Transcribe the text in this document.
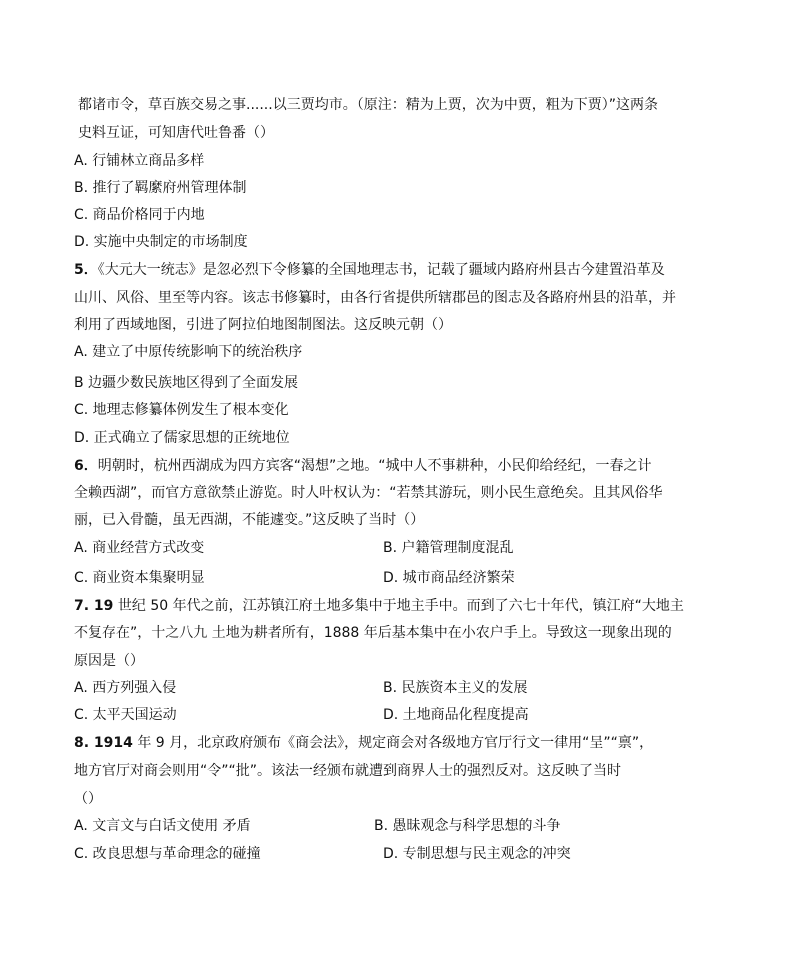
都诸市令，草百族交易之事......以三贾均市。（原注：精为上贾，次为中贾，粗为下贾）”这两条
史料互证，可知唐代吐鲁番（）
A. 行铺林立商品多样
B. 推行了羁縻府州管理体制
C. 商品价格同于内地
D. 实施中央制定的市场制度
5．《大元大一统志》是忽必烈下令修纂的全国地理志书，记载了疆域内路府州县古今建置沿革及
山川、风俗、里至等内容。该志书修纂时，由各行省提供所辖郡邑的图志及各路府州县的沿革，并
利用了西域地图，引进了阿拉伯地图制图法。这反映元朝（）
A. 建立了中原传统影响下的统治秩序
B 边疆少数民族地区得到了全面发展
C. 地理志修纂体例发生了根本变化
D. 正式确立了儒家思想的正统地位
6．明朝时，杭州西湖成为四方宾客“渴想”之地。“城中人不事耕种，小民仰给经纪，一春之计
全赖西湖”，而官方意欲禁止游览。时人叶权认为：“若禁其游玩，则小民生意绝矣。且其风俗华
丽，已入骨髓，虽无西湖，不能遽变。”这反映了当时（）
A. 商业经营方式改变	B. 户籍管理制度混乱
C. 商业资本集聚明显	D. 城市商品经济繁荣
7. 19 世纪 50 年代之前，江苏镇江府土地多集中于地主手中。而到了六七十年代，镇江府“大地主
不复存在”，十之八九 土地为耕者所有，1888 年后基本集中在小农户手上。导致这一现象出现的
原因是（）
A. 西方列强入侵	B. 民族资本主义的发展
C. 太平天国运动	D. 土地商品化程度提高
8. 1914 年 9 月，北京政府颁布《商会法》，规定商会对各级地方官厅行文一律用“呈”“禀”，
地方官厅对商会则用“令”“批”。该法一经颁布就遭到商界人士的强烈反对。这反映了当时
（）
A. 文言文与白话文使用 矛盾	B. 愚昧观念与科学思想的斗争
C. 改良思想与革命理念的碰撞	D. 专制思想与民主观念的冲突
